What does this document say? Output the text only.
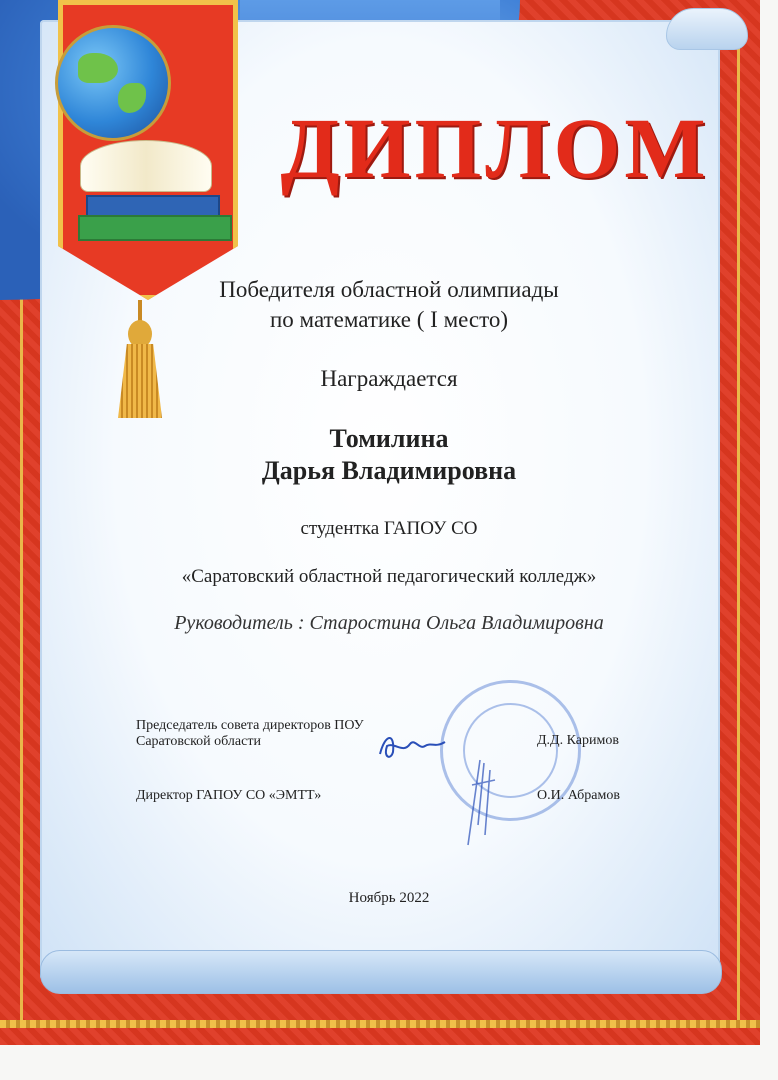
ДИПЛОМ
Победителя областной олимпиады
по математике ( I место)
Награждается
Томилина
Дарья Владимировна
студентка ГАПОУ СО
«Саратовский областной педагогический колледж»
Руководитель : Старостина Ольга Владимировна
Председатель совета директоров ПОУ
Саратовской области	Д.Д. Каримов
Директор ГАПОУ СО «ЭМТТ»	О.И. Абрамов
Ноябрь 2022
